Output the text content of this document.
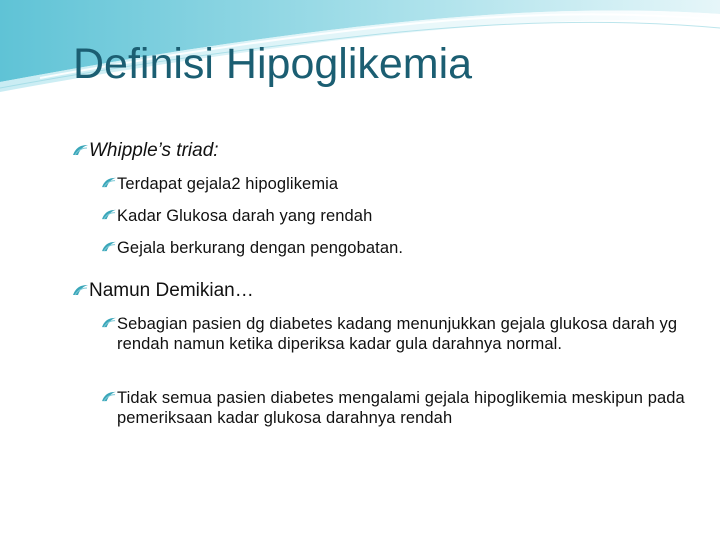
Definisi Hipoglikemia
Whipple’s triad:
Terdapat gejala2 hipoglikemia
Kadar Glukosa darah yang rendah
Gejala berkurang dengan pengobatan.
Namun Demikian…
Sebagian pasien dg diabetes kadang menunjukkan gejala glukosa darah yg rendah namun ketika diperiksa kadar gula darahnya normal.
Tidak semua pasien diabetes mengalami gejala hipoglikemia meskipun pada pemeriksaan kadar glukosa darahnya rendah
